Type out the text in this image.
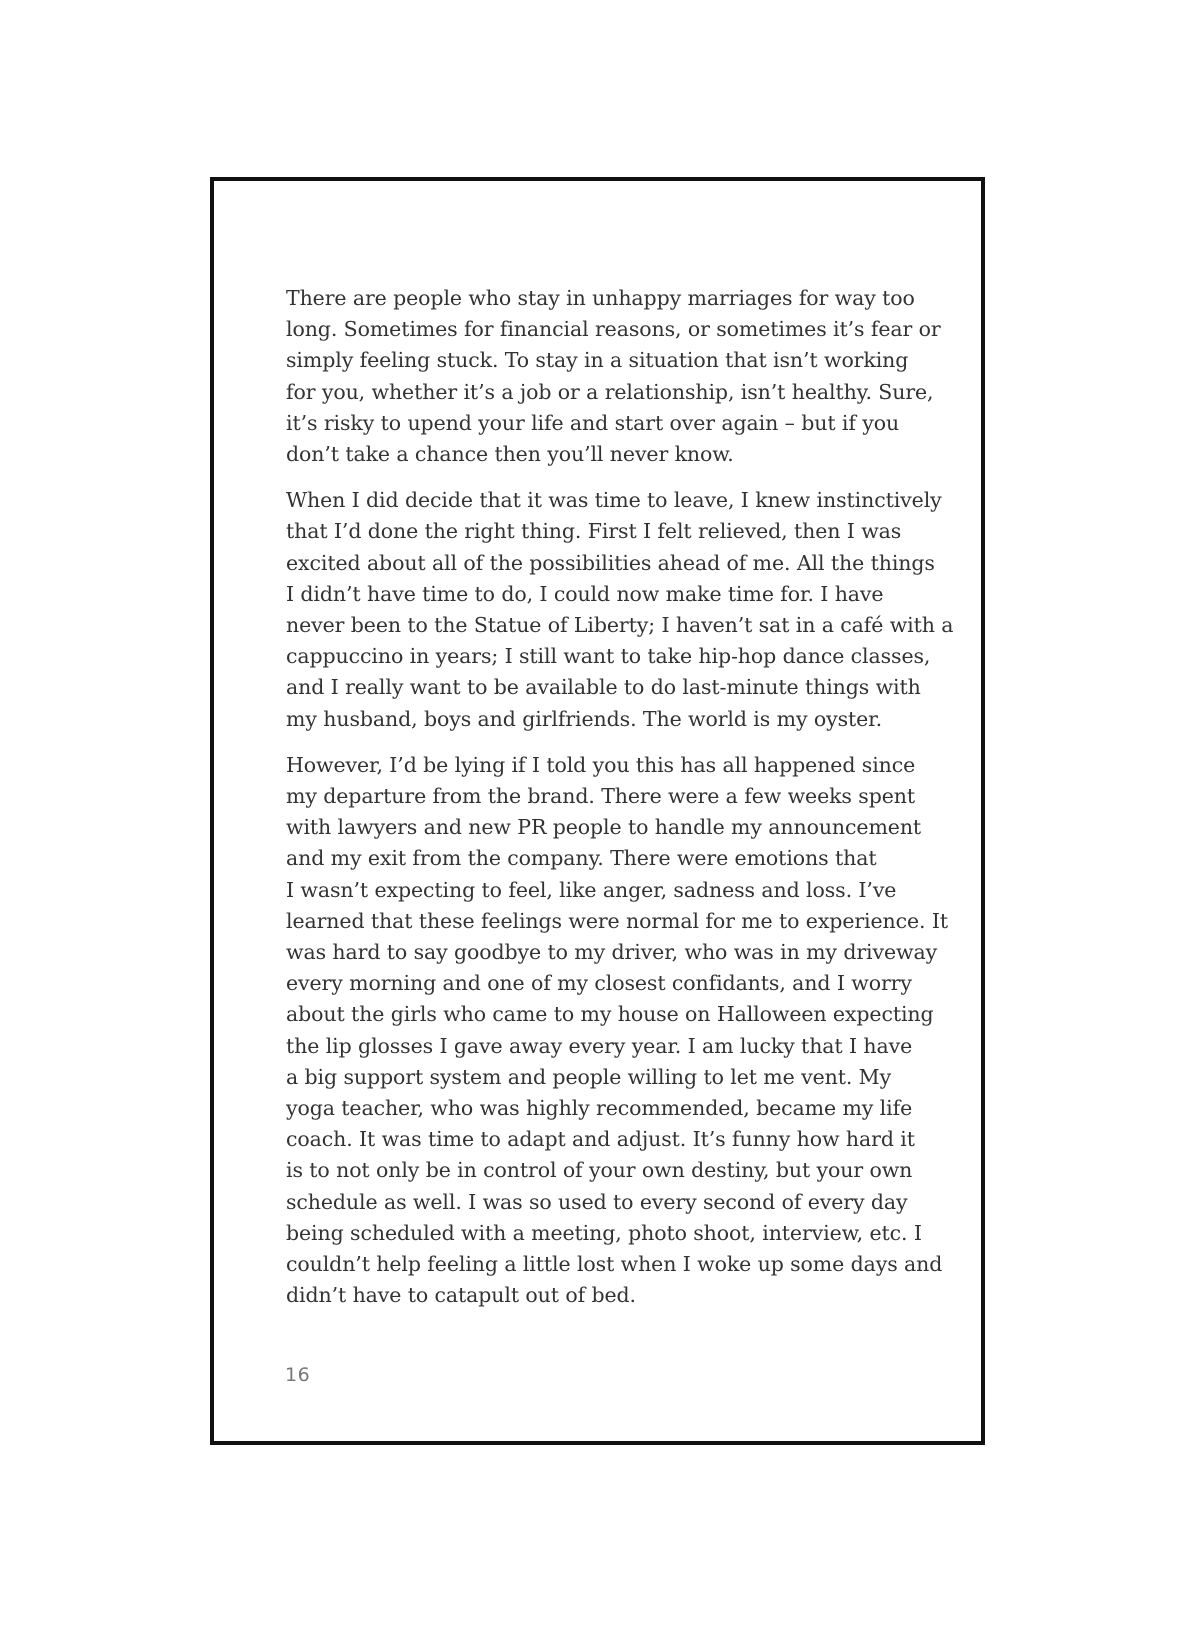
There are people who stay in unhappy marriages for way too
long. Sometimes for financial reasons, or sometimes it’s fear or
simply feeling stuck. To stay in a situation that isn’t working
for you, whether it’s a job or a relationship, isn’t healthy. Sure,
it’s risky to upend your life and start over again – but if you
don’t take a chance then you’ll never know.

When I did decide that it was time to leave, I knew instinctively
that I’d done the right thing. First I felt relieved, then I was
excited about all of the possibilities ahead of me. All the things
I didn’t have time to do, I could now make time for. I have
never been to the Statue of Liberty; I haven’t sat in a café with a
cappuccino in years; I still want to take hip-hop dance classes,
and I really want to be available to do last-minute things with
my husband, boys and girlfriends. The world is my oyster.

However, I’d be lying if I told you this has all happened since
my departure from the brand. There were a few weeks spent
with lawyers and new PR people to handle my announcement
and my exit from the company. There were emotions that
I wasn’t expecting to feel, like anger, sadness and loss. I’ve
learned that these feelings were normal for me to experience. It
was hard to say goodbye to my driver, who was in my driveway
every morning and one of my closest confidants, and I worry
about the girls who came to my house on Halloween expecting
the lip glosses I gave away every year. I am lucky that I have
a big support system and people willing to let me vent. My
yoga teacher, who was highly recommended, became my life
coach. It was time to adapt and adjust. It’s funny how hard it
is to not only be in control of your own destiny, but your own
schedule as well. I was so used to every second of every day
being scheduled with a meeting, photo shoot, interview, etc. I
couldn’t help feeling a little lost when I woke up some days and
didn’t have to catapult out of bed.

16
